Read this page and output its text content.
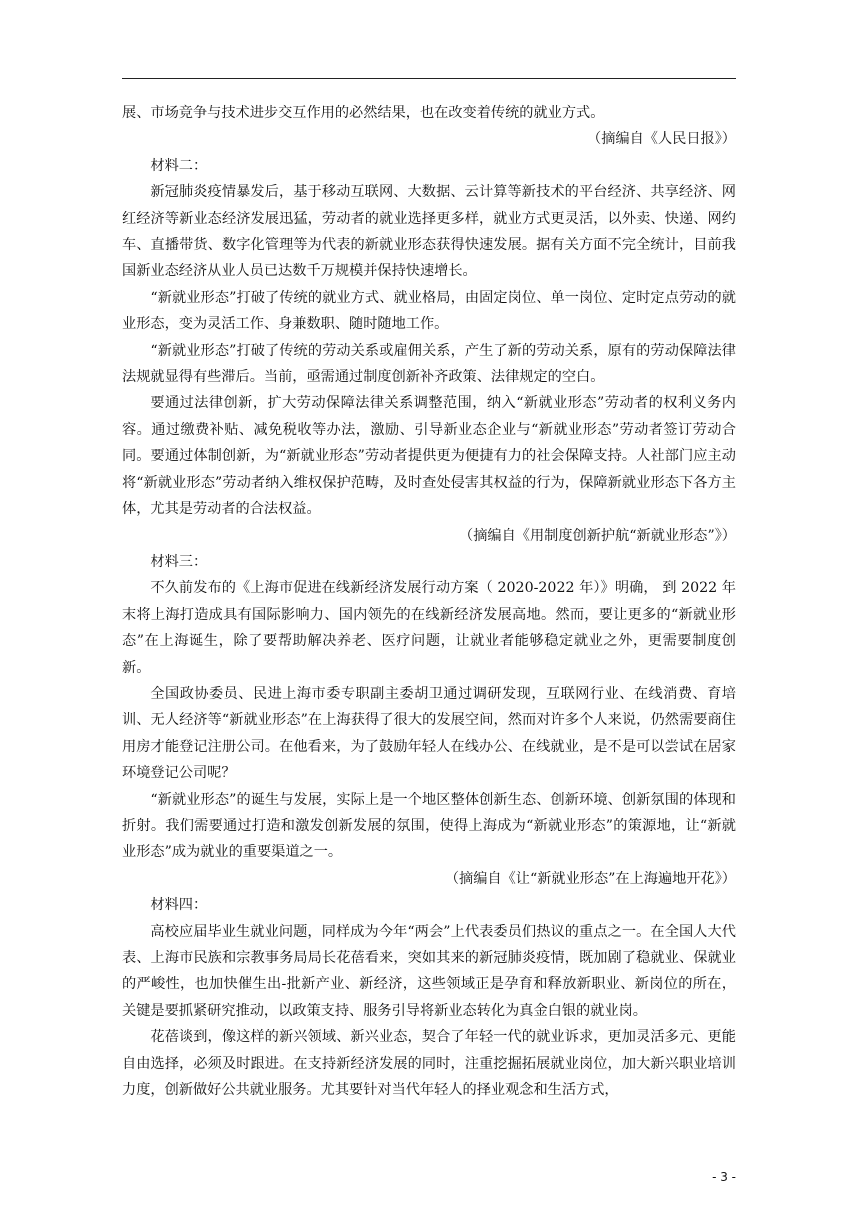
展、市场竞争与技术进步交互作用的必然结果，也在改变着传统的就业方式。

（摘编自《人民日报》）

材料二：

新冠肺炎疫情暴发后，基于移动互联网、大数据、云计算等新技术的平台经济、共享经济、网红经济等新业态经济发展迅猛，劳动者的就业选择更多样，就业方式更灵活，以外卖、快递、网约车、直播带货、数字化管理等为代表的新就业形态获得快速发展。据有关方面不完全统计，目前我国新业态经济从业人员已达数千万规模并保持快速增长。

“新就业形态”打破了传统的就业方式、就业格局，由固定岗位、单一岗位、定时定点劳动的就业形态，变为灵活工作、身兼数职、随时随地工作。

“新就业形态”打破了传统的劳动关系或雇佣关系，产生了新的劳动关系，原有的劳动保障法律法规就显得有些滞后。当前，亟需通过制度创新补齐政策、法律规定的空白。

要通过法律创新，扩大劳动保障法律关系调整范围，纳入“新就业形态”劳动者的权利义务内容。通过缴费补贴、减免税收等办法，激励、引导新业态企业与“新就业形态”劳动者签订劳动合同。要通过体制创新，为“新就业形态”劳动者提供更为便捷有力的社会保障支持。人社部门应主动将“新就业形态”劳动者纳入维权保护范畴，及时查处侵害其权益的行为，保障新就业形态下各方主体，尤其是劳动者的合法权益。

（摘编自《用制度创新护航“新就业形态”》）

材料三：

不久前发布的《上海市促进在线新经济发展行动方案（ 2020-2022 年）》明确， 到 2022 年末将上海打造成具有国际影响力、国内领先的在线新经济发展高地。然而，要让更多的“新就业形态”在上海诞生，除了要帮助解决养老、医疗问题，让就业者能够稳定就业之外，更需要制度创新。

全国政协委员、民进上海市委专职副主委胡卫通过调研发现，互联网行业、在线消费、育培训、无人经济等“新就业形态”在上海获得了很大的发展空间，然而对许多个人来说，仍然需要商住用房才能登记注册公司。在他看来，为了鼓励年轻人在线办公、在线就业，是不是可以尝试在居家环境登记公司呢？

“新就业形态”的诞生与发展，实际上是一个地区整体创新生态、创新环境、创新氛围的体现和折射。我们需要通过打造和激发创新发展的氛围，使得上海成为“新就业形态”的策源地，让“新就业形态”成为就业的重要渠道之一。

（摘编自《让“新就业形态”在上海遍地开花》）

材料四：

高校应届毕业生就业问题，同样成为今年“两会”上代表委员们热议的重点之一。在全国人大代表、上海市民族和宗教事务局局长花蓓看来，突如其来的新冠肺炎疫情，既加剧了稳就业、保就业的严峻性，也加快催生出-批新产业、新经济，这些领域正是孕育和释放新职业、新岗位的所在，关键是要抓紧研究推动，以政策支持、服务引导将新业态转化为真金白银的就业岗。

花蓓谈到，像这样的新兴领域、新兴业态，契合了年轻一代的就业诉求，更加灵活多元、更能自由选择，必须及时跟进。在支持新经济发展的同时，注重挖掘拓展就业岗位，加大新兴职业培训力度，创新做好公共就业服务。尤其要针对当代年轻人的择业观念和生活方式，

- 3 -
